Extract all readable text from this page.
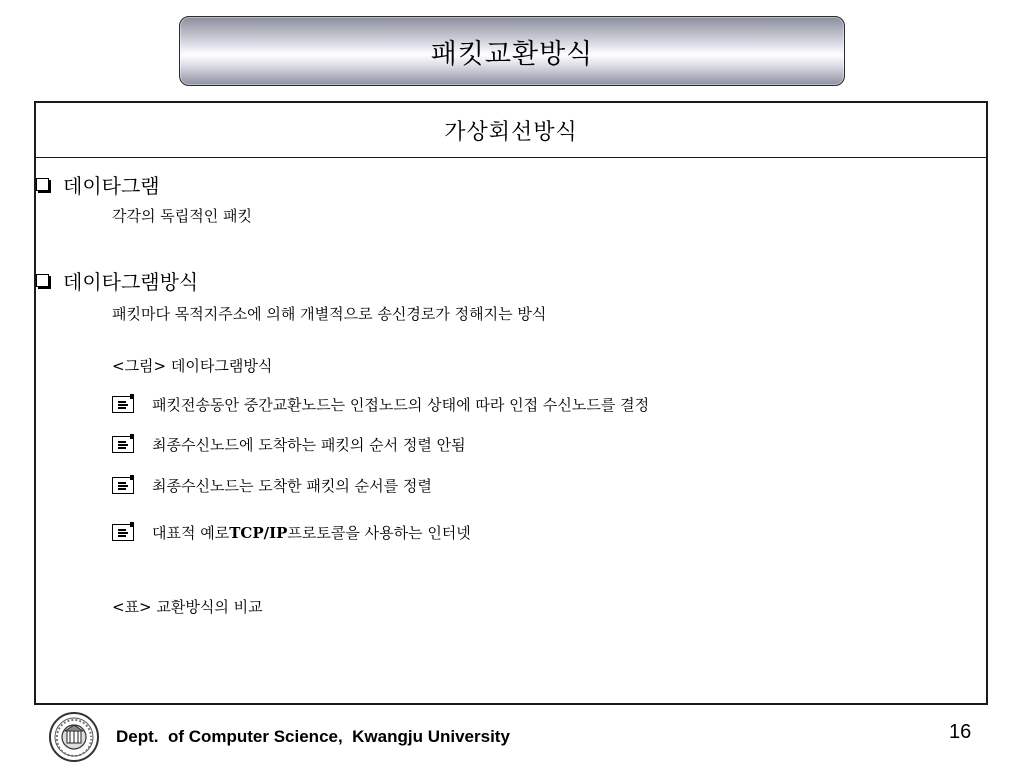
패킷교환방식
가상회선방식
데이타그램
각각의 독립적인 패킷
데이타그램방식
패킷마다 목적지주소에 의해 개별적으로 송신경로가 정해지는 방식
<그림> 데이타그램방식
패킷전송동안 중간교환노드는 인접노드의 상태에 따라 인접 수신노드를 결정
최종수신노드에 도착하는 패킷의 순서 정렬 안됨
최종수신노드는 도착한 패킷의 순서를 정렬
대표적 예로 TCP/IP 프로토콜을 사용하는 인터넷
<표> 교환방식의 비교
Dept.  of Computer Science,  Kwangju University	16
